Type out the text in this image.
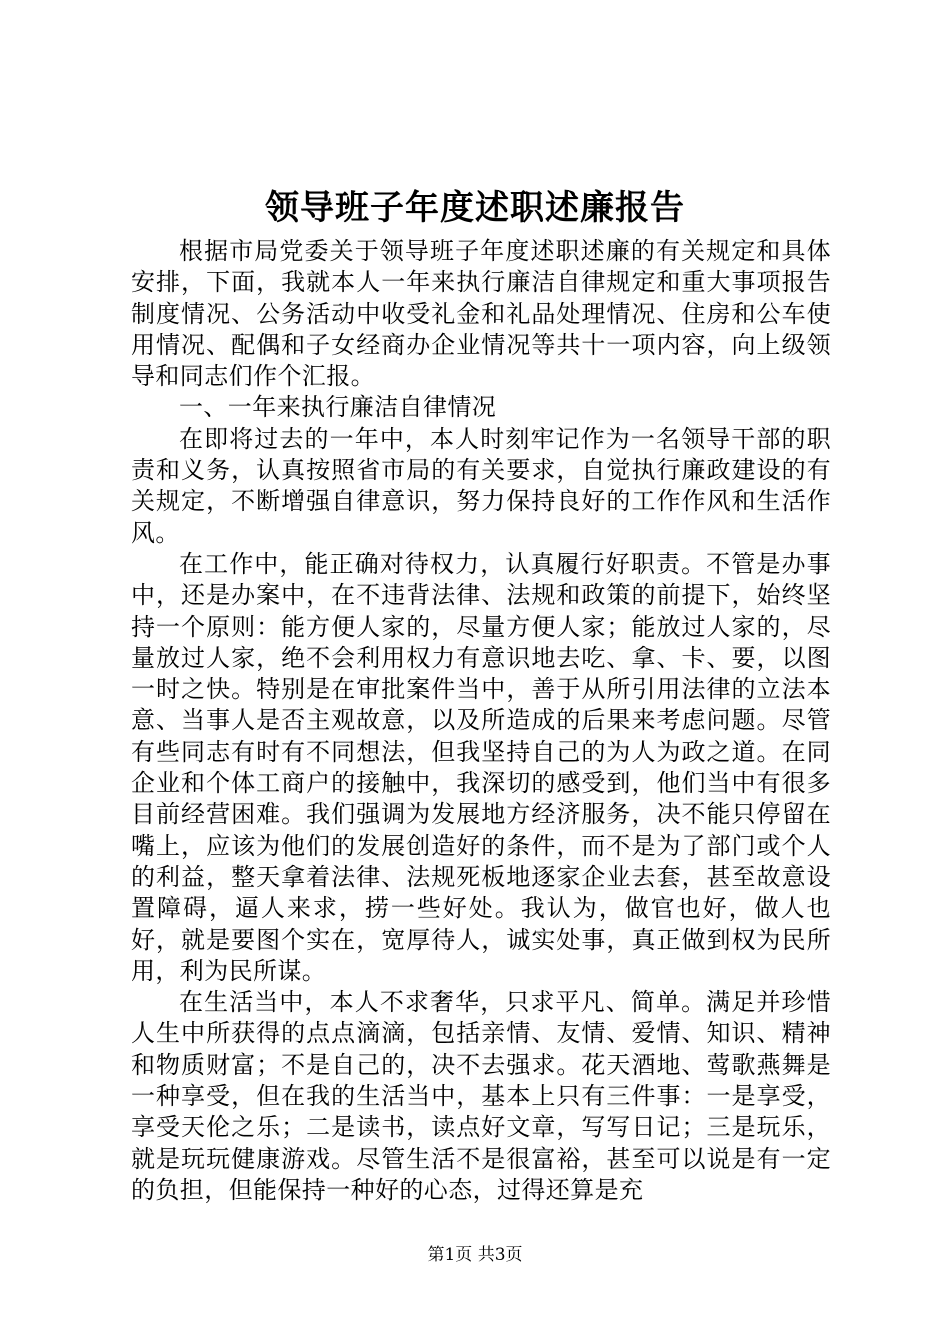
领导班子年度述职述廉报告

根据市局党委关于领导班子年度述职述廉的有关规定和具体安排，下面，我就本人一年来执行廉洁自律规定和重大事项报告制度情况、公务活动中收受礼金和礼品处理情况、住房和公车使用情况、配偶和子女经商办企业情况等共十一项内容，向上级领导和同志们作个汇报。

一、一年来执行廉洁自律情况

在即将过去的一年中，本人时刻牢记作为一名领导干部的职责和义务，认真按照省市局的有关要求，自觉执行廉政建设的有关规定，不断增强自律意识，努力保持良好的工作作风和生活作风。

在工作中，能正确对待权力，认真履行好职责。不管是办事中，还是办案中，在不违背法律、法规和政策的前提下，始终坚持一个原则：能方便人家的，尽量方便人家；能放过人家的，尽量放过人家，绝不会利用权力有意识地去吃、拿、卡、要，以图一时之快。特别是在审批案件当中，善于从所引用法律的立法本意、当事人是否主观故意，以及所造成的后果来考虑问题。尽管有些同志有时有不同想法，但我坚持自己的为人为政之道。在同企业和个体工商户的接触中，我深切的感受到，他们当中有很多目前经营困难。我们强调为发展地方经济服务，决不能只停留在嘴上，应该为他们的发展创造好的条件，而不是为了部门或个人的利益，整天拿着法律、法规死板地逐家企业去套，甚至故意设置障碍，逼人来求，捞一些好处。我认为，做官也好，做人也好，就是要图个实在，宽厚待人，诚实处事，真正做到权为民所用，利为民所谋。

在生活当中，本人不求奢华，只求平凡、简单。满足并珍惜人生中所获得的点点滴滴，包括亲情、友情、爱情、知识、精神和物质财富；不是自己的，决不去强求。花天酒地、莺歌燕舞是一种享受，但在我的生活当中，基本上只有三件事：一是享受，享受天伦之乐；二是读书，读点好文章，写写日记；三是玩乐，就是玩玩健康游戏。尽管生活不是很富裕，甚至可以说是有一定的负担，但能保持一种好的心态，过得还算是充

第1页 共3页
